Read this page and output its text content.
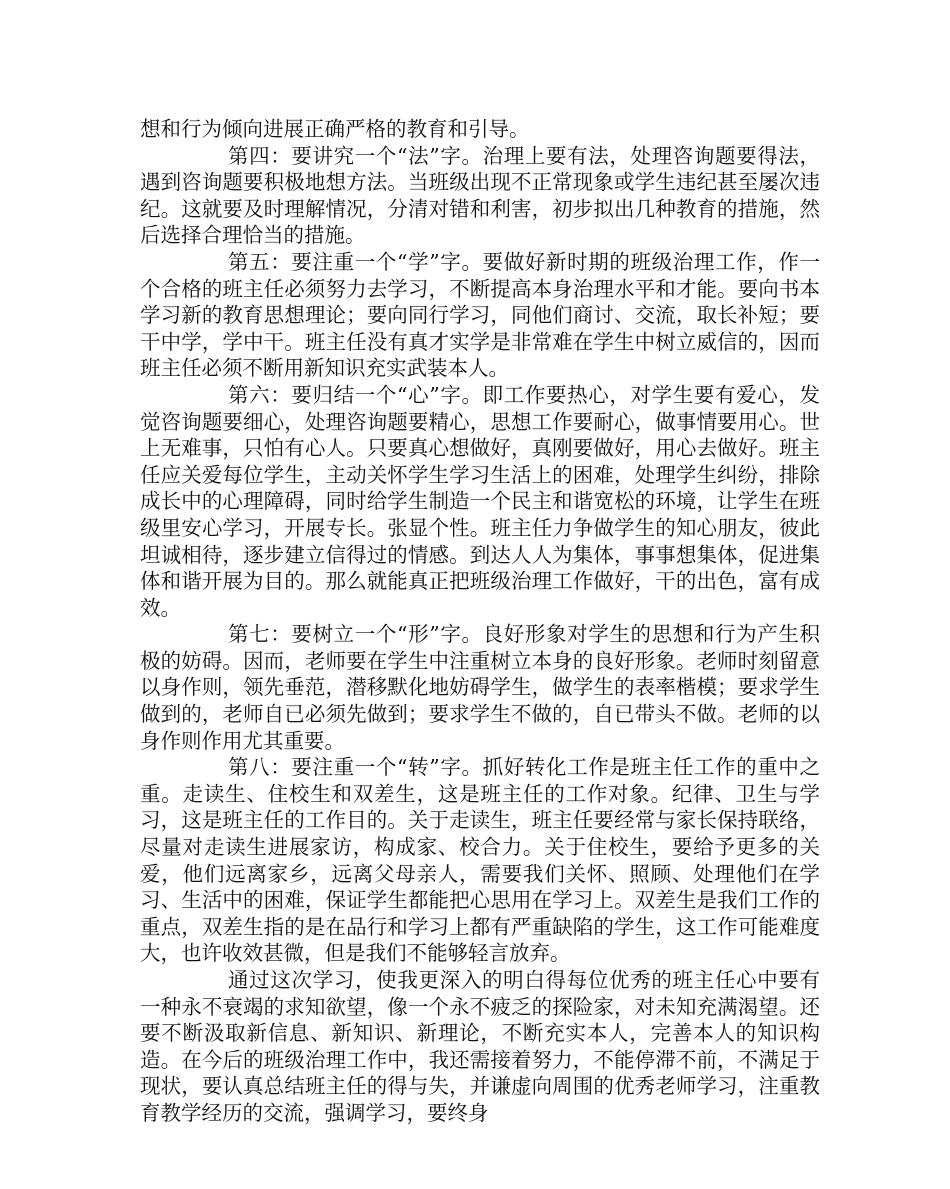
想和行为倾向进展正确严格的教育和引导。

第四：要讲究一个“法”字。治理上要有法，处理咨询题要得法，遇到咨询题要积极地想方法。当班级出现不正常现象或学生违纪甚至屡次违纪。这就要及时理解情况，分清对错和利害，初步拟出几种教育的措施，然后选择合理恰当的措施。

第五：要注重一个“学”字。要做好新时期的班级治理工作，作一个合格的班主任必须努力去学习，不断提高本身治理水平和才能。要向书本学习新的教育思想理论；要向同行学习，同他们商讨、交流，取长补短；要干中学，学中干。班主任没有真才实学是非常难在学生中树立威信的，因而班主任必须不断用新知识充实武装本人。

第六：要归结一个“心”字。即工作要热心，对学生要有爱心，发觉咨询题要细心，处理咨询题要精心，思想工作要耐心，做事情要用心。世上无难事，只怕有心人。只要真心想做好，真刚要做好，用心去做好。班主任应关爱每位学生，主动关怀学生学习生活上的困难，处理学生纠纷，排除成长中的心理障碍，同时给学生制造一个民主和谐宽松的环境，让学生在班级里安心学习，开展专长。张显个性。班主任力争做学生的知心朋友，彼此坦诚相待，逐步建立信得过的情感。到达人人为集体，事事想集体，促进集体和谐开展为目的。那么就能真正把班级治理工作做好，干的出色，富有成效。

第七：要树立一个“形”字。良好形象对学生的思想和行为产生积极的妨碍。因而，老师要在学生中注重树立本身的良好形象。老师时刻留意以身作则，领先垂范，潜移默化地妨碍学生，做学生的表率楷模；要求学生做到的，老师自已必须先做到；要求学生不做的，自已带头不做。老师的以身作则作用尤其重要。

第八：要注重一个“转”字。抓好转化工作是班主任工作的重中之重。走读生、住校生和双差生，这是班主任的工作对象。纪律、卫生与学习，这是班主任的工作目的。关于走读生，班主任要经常与家长保持联络，尽量对走读生进展家访，构成家、校合力。关于住校生，要给予更多的关爱，他们远离家乡，远离父母亲人，需要我们关怀、照顾、处理他们在学习、生活中的困难，保证学生都能把心思用在学习上。双差生是我们工作的重点，双差生指的是在品行和学习上都有严重缺陷的学生，这工作可能难度大，也许收效甚微，但是我们不能够轻言放弃。

通过这次学习，使我更深入的明白得每位优秀的班主任心中要有一种永不衰竭的求知欲望，像一个永不疲乏的探险家，对未知充满渴望。还要不断汲取新信息、新知识、新理论，不断充实本人，完善本人的知识构造。在今后的班级治理工作中，我还需接着努力，不能停滞不前，不满足于现状，要认真总结班主任的得与失，并谦虚向周围的优秀老师学习，注重教育教学经历的交流，强调学习，要终身
